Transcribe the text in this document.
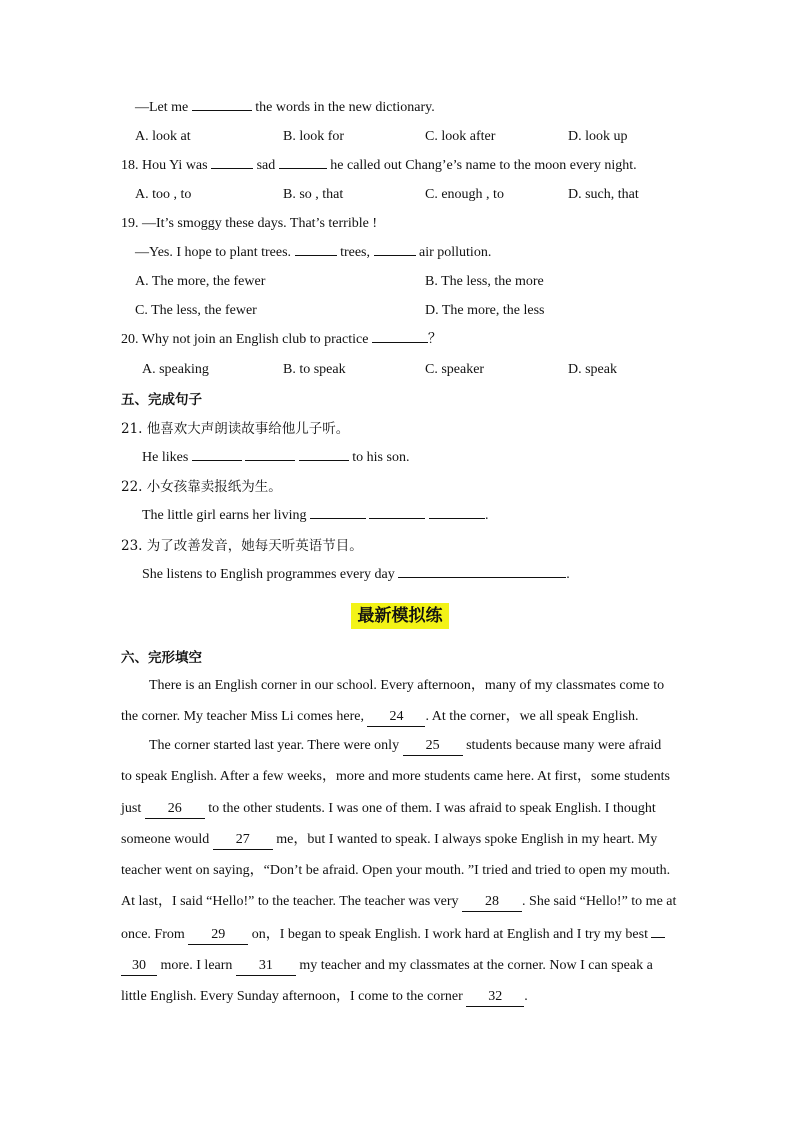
—Let me	the words in the new dictionary.
A. look at	B. look for	C. look after	D. look up
18. Hou Yi was	sad	he called out Chang’e’s name to the moon every night.
A. too , to	B. so , that	C. enough , to	D. such, that
19. —It’s smoggy these days. That’s terrible !
—Yes. I hope to plant trees.	trees,	air pollution.
A. The more, the fewer	B. The less, the more
C. The less, the fewer	D. The more, the less
20. Why not join an English club to practice	？
A. speaking	B. to speak	C. speaker	D. speak
五、完成句子
21. 他喜欢大声朗读故事给他儿子听。
He likes	to his son.
22. 小女孩靠卖报纸为生。
The little girl earns her living	.
23. 为了改善发音，她每天听英语节目。
She listens to English programmes every day	.
最新模拟练
六、完形填空
There is an English corner in our school. Every afternoon，many of my classmates come to
the corner. My teacher Miss Li comes here, 24 . At the corner，we all speak English.
The corner started last year. There were only 25 students because many were afraid
to speak English. After a few weeks，more and more students came here. At first，some students
just 26 to the other students. I was one of them. I was afraid to speak English. I thought
someone would 27 me，but I wanted to speak. I always spoke English in my heart. My
teacher went on saying，“Don’t be afraid. Open your mouth. ”I tried and tried to open my mouth.
At last，I said “Hello!” to the teacher. The teacher was very 28 . She said “Hello!” to me at
once. From 29 on，I began to speak English. I work hard at English and I try my best
30 more. I learn 31 my teacher and my classmates at the corner. Now I can speak a
little English. Every Sunday afternoon，I come to the corner 32 .
